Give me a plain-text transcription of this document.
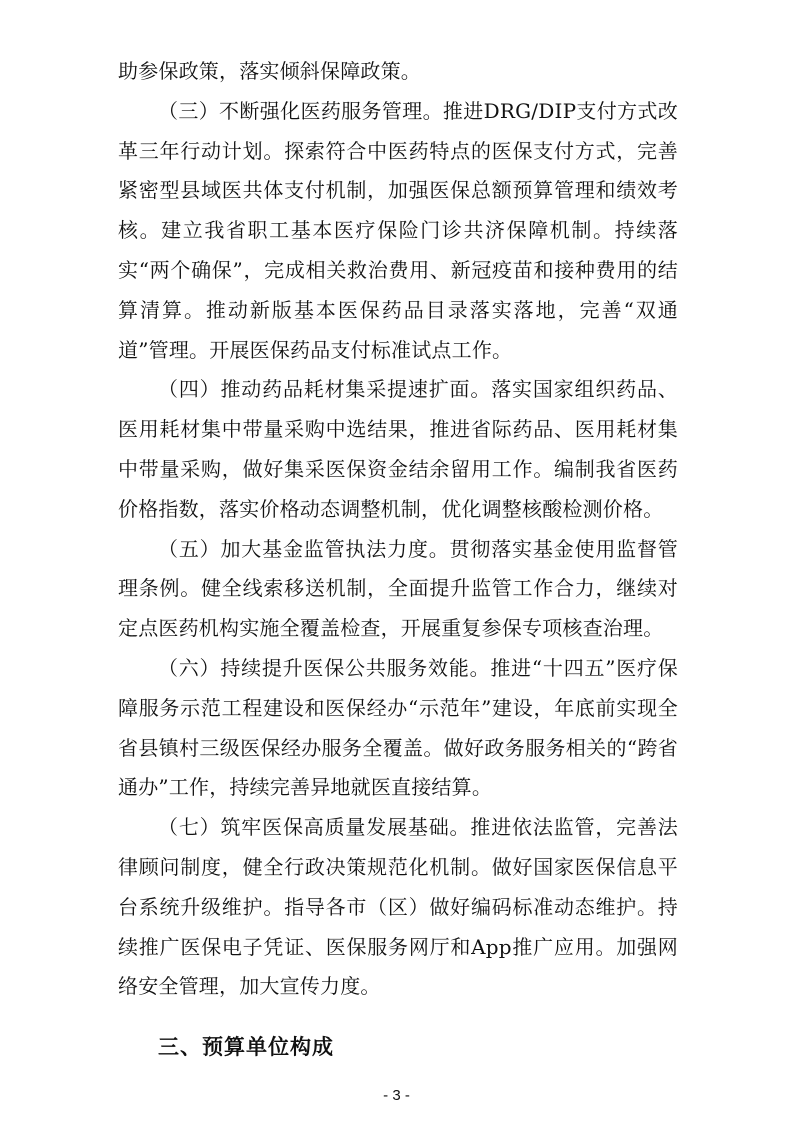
助参保政策，落实倾斜保障政策。

（三）不断强化医药服务管理。推进DRG/DIP支付方式改革三年行动计划。探索符合中医药特点的医保支付方式，完善紧密型县域医共体支付机制，加强医保总额预算管理和绩效考核。建立我省职工基本医疗保险门诊共济保障机制。持续落实“两个确保”，完成相关救治费用、新冠疫苗和接种费用的结算清算。推动新版基本医保药品目录落实落地，完善“双通道”管理。开展医保药品支付标准试点工作。

（四）推动药品耗材集采提速扩面。落实国家组织药品、医用耗材集中带量采购中选结果，推进省际药品、医用耗材集中带量采购，做好集采医保资金结余留用工作。编制我省医药价格指数，落实价格动态调整机制，优化调整核酸检测价格。

（五）加大基金监管执法力度。贯彻落实基金使用监督管理条例。健全线索移送机制，全面提升监管工作合力，继续对定点医药机构实施全覆盖检查，开展重复参保专项核查治理。

（六）持续提升医保公共服务效能。推进“十四五”医疗保障服务示范工程建设和医保经办“示范年”建设，年底前实现全省县镇村三级医保经办服务全覆盖。做好政务服务相关的“跨省通办”工作，持续完善异地就医直接结算。

（七）筑牢医保高质量发展基础。推进依法监管，完善法律顾问制度，健全行政决策规范化机制。做好国家医保信息平台系统升级维护。指导各市（区）做好编码标准动态维护。持续推广医保电子凭证、医保服务网厅和App推广应用。加强网络安全管理，加大宣传力度。

三、预算单位构成
- 3 -
